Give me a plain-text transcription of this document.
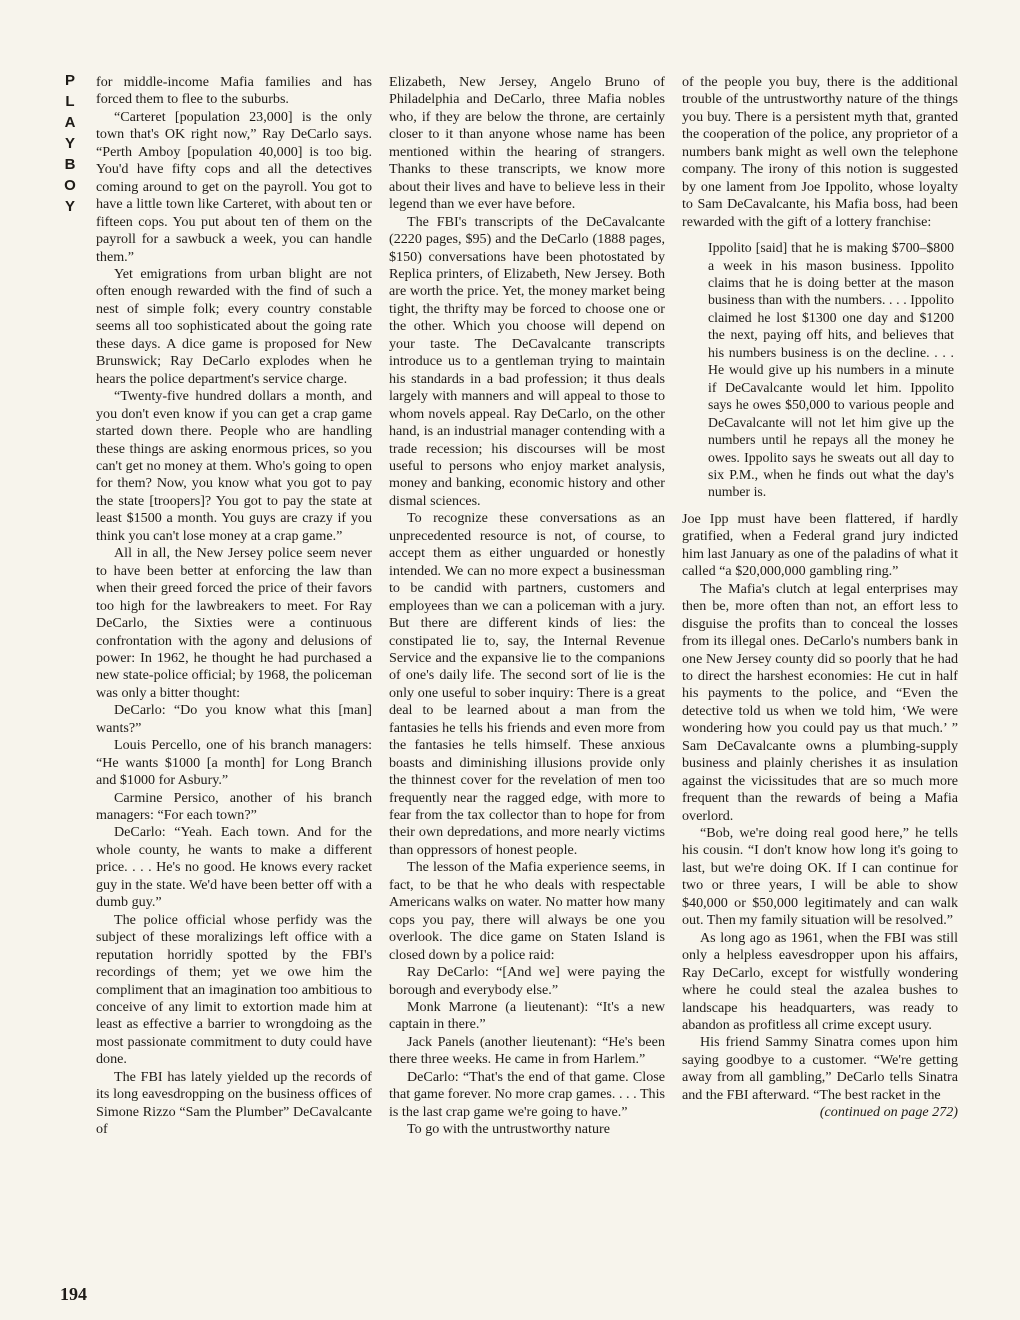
P
L
A
Y
B
O
Y
194

for middle-income Mafia families and has forced them to flee to the suburbs.

“Carteret [population 23,000] is the only town that's OK right now,” Ray DeCarlo says. “Perth Amboy [population 40,000] is too big. You'd have fifty cops and all the detectives coming around to get on the payroll. You got to have a little town like Carteret, with about ten or fifteen cops. You put about ten of them on the payroll for a sawbuck a week, you can handle them.”

Yet emigrations from urban blight are not often enough rewarded with the find of such a nest of simple folk; every country constable seems all too sophisticated about the going rate these days. A dice game is proposed for New Brunswick; Ray DeCarlo explodes when he hears the police department's service charge.

“Twenty-five hundred dollars a month, and you don't even know if you can get a crap game started down there. People who are handling these things are asking enormous prices, so you can't get no money at them. Who's going to open for them? Now, you know what you got to pay the state [troopers]? You got to pay the state at least $1500 a month. You guys are crazy if you think you can't lose money at a crap game.”

All in all, the New Jersey police seem never to have been better at enforcing the law than when their greed forced the price of their favors too high for the lawbreakers to meet. For Ray DeCarlo, the Sixties were a continuous confrontation with the agony and delusions of power: In 1962, he thought he had purchased a new state-police official; by 1968, the policeman was only a bitter thought:

DeCarlo: “Do you know what this [man] wants?”

Louis Percello, one of his branch managers: “He wants $1000 [a month] for Long Branch and $1000 for Asbury.”

Carmine Persico, another of his branch managers: “For each town?”

DeCarlo: “Yeah. Each town. And for the whole county, he wants to make a different price. . . . He's no good. He knows every racket guy in the state. We'd have been better off with a dumb guy.”

The police official whose perfidy was the subject of these moralizings left office with a reputation horridly spotted by the FBI's recordings of them; yet we owe him the compliment that an imagination too ambitious to conceive of any limit to extortion made him at least as effective a barrier to wrongdoing as the most passionate commitment to duty could have done.

The FBI has lately yielded up the records of its long eavesdropping on the business offices of Simone Rizzo “Sam the Plumber” DeCavalcante of

Elizabeth, New Jersey, Angelo Bruno of Philadelphia and DeCarlo, three Mafia nobles who, if they are below the throne, are certainly closer to it than anyone whose name has been mentioned within the hearing of strangers. Thanks to these transcripts, we know more about their lives and have to believe less in their legend than we ever have before.

The FBI's transcripts of the DeCavalcante (2220 pages, $95) and the DeCarlo (1888 pages, $150) conversations have been photostated by Replica printers, of Elizabeth, New Jersey. Both are worth the price. Yet, the money market being tight, the thrifty may be forced to choose one or the other. Which you choose will depend on your taste. The DeCavalcante transcripts introduce us to a gentleman trying to maintain his standards in a bad profession; it thus deals largely with manners and will appeal to those to whom novels appeal. Ray DeCarlo, on the other hand, is an industrial manager contending with a trade recession; his discourses will be most useful to persons who enjoy market analysis, money and banking, economic history and other dismal sciences.

To recognize these conversations as an unprecedented resource is not, of course, to accept them as either unguarded or honestly intended. We can no more expect a businessman to be candid with partners, customers and employees than we can a policeman with a jury. But there are different kinds of lies: the constipated lie to, say, the Internal Revenue Service and the expansive lie to the companions of one's daily life. The second sort of lie is the only one useful to sober inquiry: There is a great deal to be learned about a man from the fantasies he tells his friends and even more from the fantasies he tells himself. These anxious boasts and diminishing illusions provide only the thinnest cover for the revelation of men too frequently near the ragged edge, with more to fear from the tax collector than to hope for from their own depredations, and more nearly victims than oppressors of honest people.

The lesson of the Mafia experience seems, in fact, to be that he who deals with respectable Americans walks on water. No matter how many cops you pay, there will always be one you overlook. The dice game on Staten Island is closed down by a police raid:

Ray DeCarlo: “[And we] were paying the borough and everybody else.”

Monk Marrone (a lieutenant): “It's a new captain in there.”

Jack Panels (another lieutenant): “He's been there three weeks. He came in from Harlem.”

DeCarlo: “That's the end of that game. Close that game forever. No more crap games. . . . This is the last crap game we're going to have.”

To go with the untrustworthy nature

of the people you buy, there is the additional trouble of the untrustworthy nature of the things you buy. There is a persistent myth that, granted the cooperation of the police, any proprietor of a numbers bank might as well own the telephone company. The irony of this notion is suggested by one lament from Joe Ippolito, whose loyalty to Sam DeCavalcante, his Mafia boss, had been rewarded with the gift of a lottery franchise:

Ippolito [said] that he is making $700–$800 a week in his mason business. Ippolito claims that he is doing better at the mason business than with the numbers. . . . Ippolito claimed he lost $1300 one day and $1200 the next, paying off hits, and believes that his numbers business is on the decline. . . . He would give up his numbers in a minute if DeCavalcante would let him. Ippolito says he owes $50,000 to various people and DeCavalcante will not let him give up the numbers until he repays all the money he owes. Ippolito says he sweats out all day to six P.M., when he finds out what the day's number is.

Joe Ipp must have been flattered, if hardly gratified, when a Federal grand jury indicted him last January as one of the paladins of what it called “a $20,000,000 gambling ring.”

The Mafia's clutch at legal enterprises may then be, more often than not, an effort less to disguise the profits than to conceal the losses from its illegal ones. DeCarlo's numbers bank in one New Jersey county did so poorly that he had to direct the harshest economies: He cut in half his payments to the police, and “Even the detective told us when we told him, ‘We were wondering how you could pay us that much.’ ” Sam DeCavalcante owns a plumbing-supply business and plainly cherishes it as insulation against the vicissitudes that are so much more frequent than the rewards of being a Mafia overlord.

“Bob, we're doing real good here,” he tells his cousin. “I don't know how long it's going to last, but we're doing OK. If I can continue for two or three years, I will be able to show $40,000 or $50,000 legitimately and can walk out. Then my family situation will be resolved.”

As long ago as 1961, when the FBI was still only a helpless eavesdropper upon his affairs, Ray DeCarlo, except for wistfully wondering where he could steal the azalea bushes to landscape his headquarters, was ready to abandon as profitless all crime except usury.

His friend Sammy Sinatra comes upon him saying goodbye to a customer. “We're getting away from all gambling,” DeCarlo tells Sinatra and the FBI afterward. “The best racket in the

(continued on page 272)
